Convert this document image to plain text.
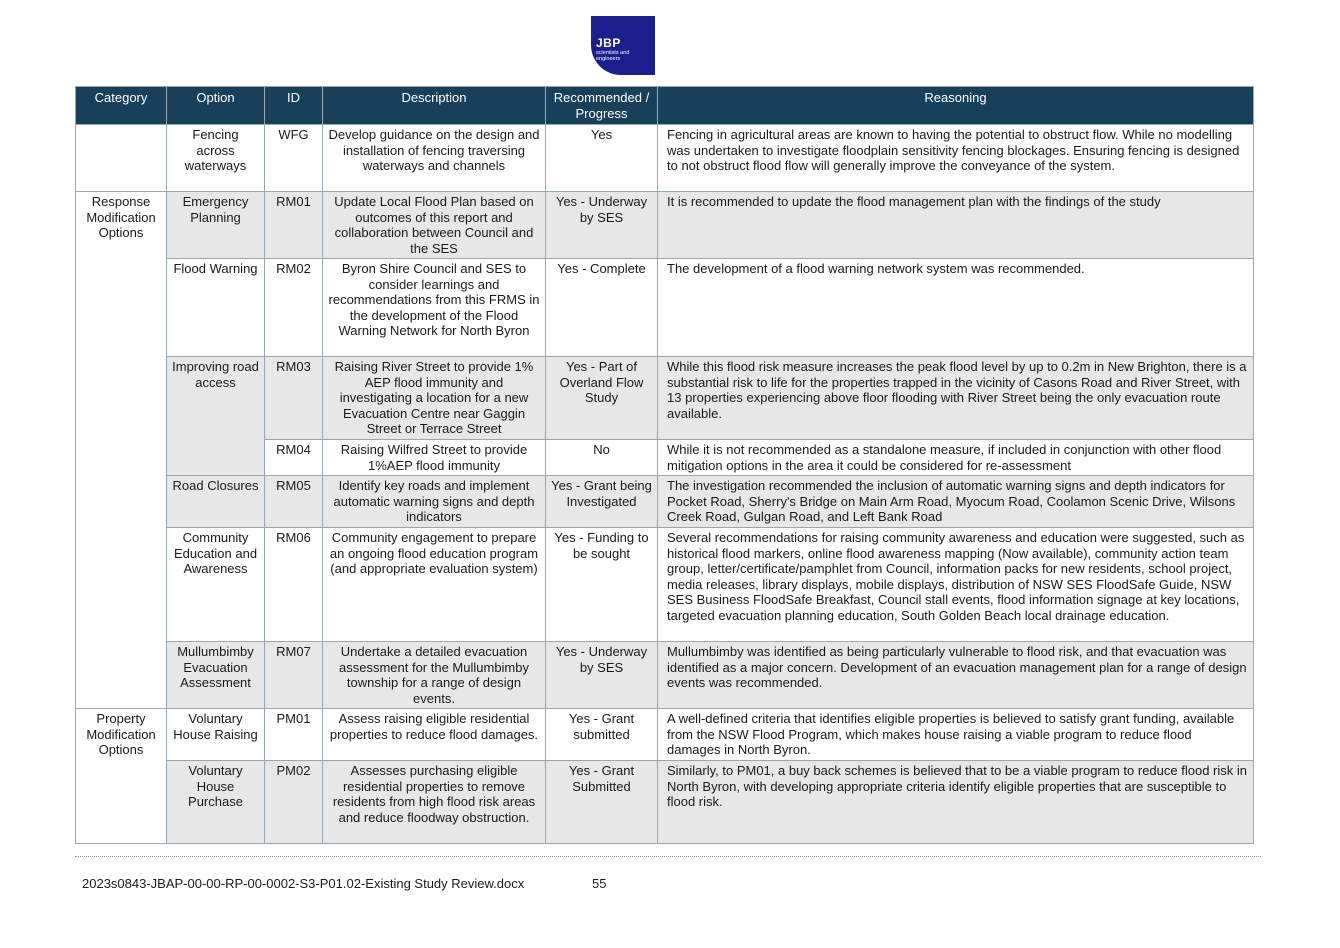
JBP
scientists and engineers
Category	Option	ID	Description	Recommended / Progress	Reasoning
	Fencing across waterways	WFG	Develop guidance on the design and installation of fencing traversing waterways and channels	Yes	Fencing in agricultural areas are known to having the potential to obstruct flow. While no modelling was undertaken to investigate floodplain sensitivity fencing blockages. Ensuring fencing is designed to not obstruct flood flow will generally improve the conveyance of the system.
Response Modification Options	Emergency Planning	RM01	Update Local Flood Plan based on outcomes of this report and collaboration between Council and the SES	Yes - Underway by SES	It is recommended to update the flood management plan with the findings of the study
	Flood Warning	RM02	Byron Shire Council and SES to consider learnings and recommendations from this FRMS in the development of the Flood Warning Network for North Byron	Yes - Complete	The development of a flood warning network system was recommended.
	Improving road access	RM03	Raising River Street to provide 1% AEP flood immunity and investigating a location for a new Evacuation Centre near Gaggin Street or Terrace Street	Yes - Part of Overland Flow Study	While this flood risk measure increases the peak flood level by up to 0.2m in New Brighton, there is a substantial risk to life for the properties trapped in the vicinity of Casons Road and River Street, with 13 properties experiencing above floor flooding with River Street being the only evacuation route available.
		RM04	Raising Wilfred Street to provide 1%AEP flood immunity	No	While it is not recommended as a standalone measure, if included in conjunction with other flood mitigation options in the area it could be considered for re-assessment
	Road Closures	RM05	Identify key roads and implement automatic warning signs and depth indicators	Yes - Grant being Investigated	The investigation recommended the inclusion of automatic warning signs and depth indicators for Pocket Road, Sherry's Bridge on Main Arm Road, Myocum Road, Coolamon Scenic Drive, Wilsons Creek Road, Gulgan Road, and Left Bank Road
	Community Education and Awareness	RM06	Community engagement to prepare an ongoing flood education program (and appropriate evaluation system)	Yes - Funding to be sought	Several recommendations for raising community awareness and education were suggested, such as historical flood markers, online flood awareness mapping (Now available), community action team group, letter/certificate/pamphlet from Council, information packs for new residents, school project, media releases, library displays, mobile displays, distribution of NSW SES FloodSafe Guide, NSW SES Business FloodSafe Breakfast, Council stall events, flood information signage at key locations, targeted evacuation planning education, South Golden Beach local drainage education.
	Mullumbimby Evacuation Assessment	RM07	Undertake a detailed evacuation assessment for the Mullumbimby township for a range of design events.	Yes - Underway by SES	Mullumbimby was identified as being particularly vulnerable to flood risk, and that evacuation was identified as a major concern. Development of an evacuation management plan for a range of design events was recommended.
Property Modification Options	Voluntary House Raising	PM01	Assess raising eligible residential properties to reduce flood damages.	Yes - Grant submitted	A well-defined criteria that identifies eligible properties is believed to satisfy grant funding, available from the NSW Flood Program, which makes house raising a viable program to reduce flood damages in North Byron.
	Voluntary House Purchase	PM02	Assesses purchasing eligible residential properties to remove residents from high flood risk areas and reduce floodway obstruction.	Yes - Grant Submitted	Similarly, to PM01, a buy back schemes is believed that to be a viable program to reduce flood risk in North Byron, with developing appropriate criteria identify eligible properties that are susceptible to flood risk.
2023s0843-JBAP-00-00-RP-00-0002-S3-P01.02-Existing Study Review.docx	55
